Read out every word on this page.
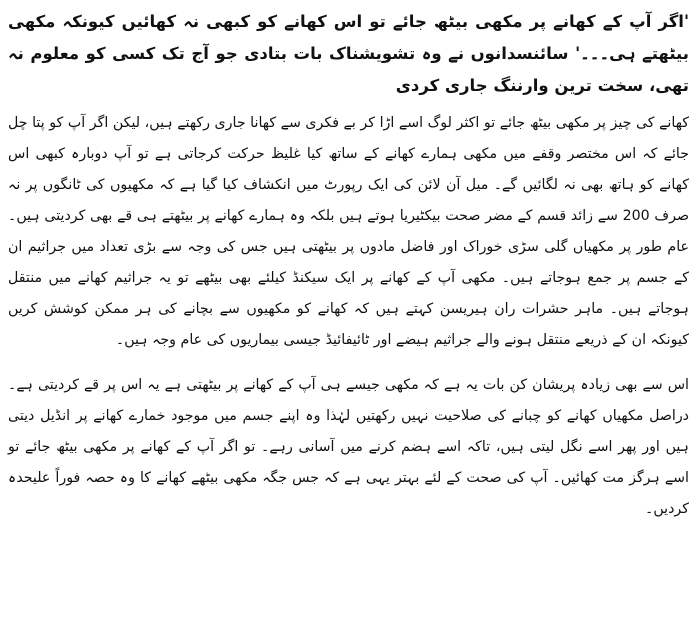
'اگر آپ کے کھانے پر مکھی بیٹھ جائے تو اس کھانے کو کبھی نہ کھائیں کیونکہ مکھی بیٹھتے ہی۔۔۔' سائنسدانوں نے وہ تشویشناک بات بتادی جو آج تک کسی کو معلوم نہ تھی، سخت ترین وارننگ جاری کردی

کھانے کی چیز پر مکھی بیٹھ جائے تو اکثر لوگ اسے اڑا کر بے فکری سے کھانا جاری رکھتے ہیں، لیکن اگر آپ کو پتا چل جائے کہ اس مختصر وقفے میں مکھی ہمارے کھانے کے ساتھ کیا غلیظ حرکت کرجاتی ہے تو آپ دوبارہ کبھی اس کھانے کو ہاتھ بھی نہ لگائیں گے۔ میل آن لائن کی ایک رپورٹ میں انکشاف کیا گیا ہے کہ مکھیوں کی ٹانگوں پر نہ صرف 200 سے زائد قسم کے مضر صحت بیکٹیریا ہوتے ہیں بلکہ وہ ہمارے کھانے پر بیٹھتے ہی قے بھی کردیتی ہیں۔ عام طور پر مکھیاں گلی سڑی خوراک اور فاضل مادوں پر بیٹھتی ہیں جس کی وجہ سے بڑی تعداد میں جراثیم ان کے جسم پر جمع ہوجاتے ہیں۔ مکھی آپ کے کھانے پر ایک سیکنڈ کیلئے بھی بیٹھے تو یہ جراثیم کھانے میں منتقل ہوجاتے ہیں۔ ماہر حشرات ران ہیریسن کہتے ہیں کہ کھانے کو مکھیوں سے بچانے کی ہر ممکن کوشش کریں کیونکہ ان کے ذریعے منتقل ہونے والے جراثیم ہیضے اور ٹائیفائیڈ جیسی بیماریوں کی عام وجہ ہیں۔

اس سے بھی زیادہ پریشان کن بات یہ ہے کہ مکھی جیسے ہی آپ کے کھانے پر بیٹھتی ہے یہ اس پر قے کردیتی ہے۔ دراصل مکھیاں کھانے کو چبانے کی صلاحیت نہیں رکھتیں لہٰذا وہ اپنے جسم میں موجود خمارے کھانے پر انڈیل دیتی ہیں اور پھر اسے نگل لیتی ہیں، تاکہ اسے ہضم کرنے میں آسانی رہے۔ تو اگر آپ کے کھانے پر مکھی بیٹھ جائے تو اسے ہرگز مت کھائیں۔ آپ کی صحت کے لئے بہتر یہی ہے کہ جس جگہ مکھی بیٹھے کھانے کا وہ حصہ فوراً علیحدہ کردیں۔
